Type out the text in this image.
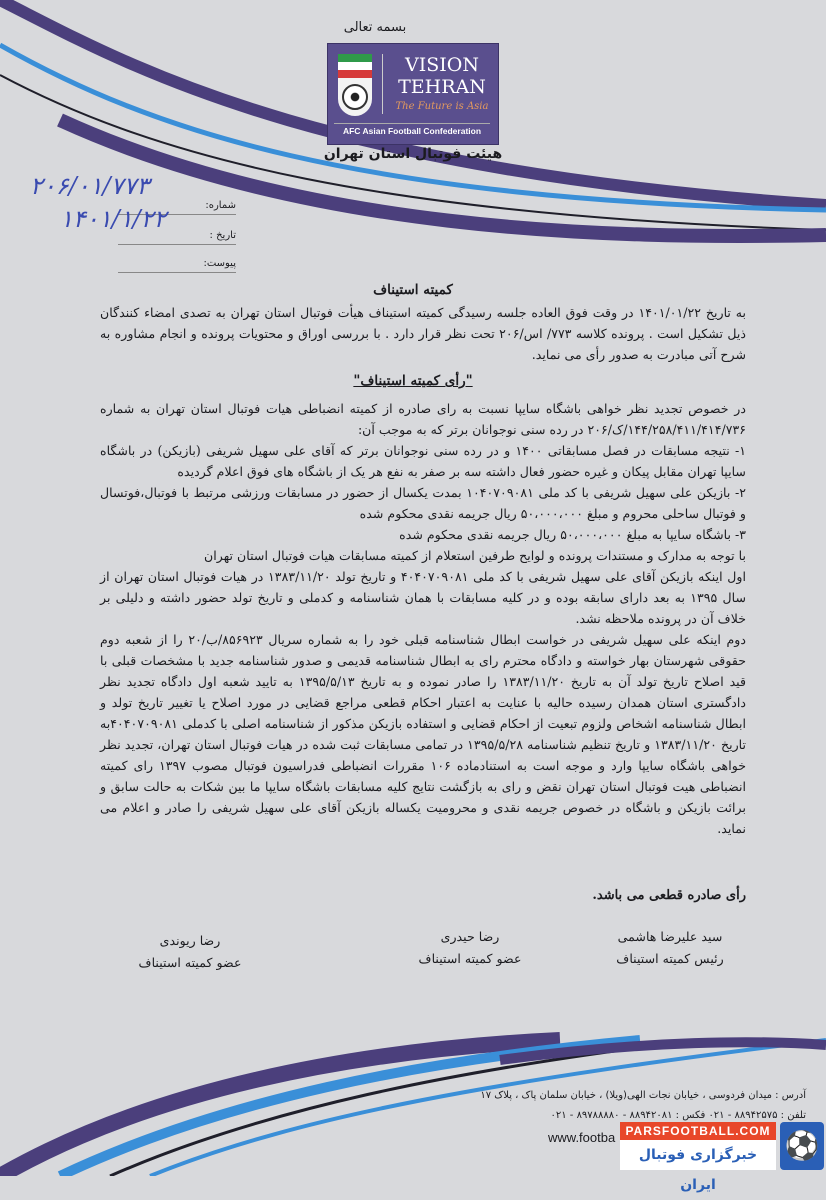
بسمه تعالی
VISION
TEHRAN
The Future is Asia
AFC Asian Football Confederation
هیئت فوتبال استان تهران
شماره:
۲۰۶/۰۱/۷۷۳
تاریخ :
۱۴۰۱/۱/۲۲
پیوست:
کمیته استیناف
به تاریخ ۱۴۰۱/۰۱/۲۲ در وقت فوق العاده جلسه رسیدگی کمیته استیناف هیأت فوتبال استان تهران به تصدی امضاء کنندگان ذیل تشکیل است . پرونده کلاسه ۷۷۳/ اس/۲۰۶ تحت نظر قرار دارد . با بررسی اوراق و محتویات پرونده و انجام مشاوره به شرح آتی مبادرت به صدور رأی می نماید.
"رأی کمیته استیناف"

در خصوص تجدید نظر خواهی باشگاه سایپا نسبت به رای صادره از کمیته انضباطی هیات فوتبال استان تهران به شماره ۱۴۴/۲۵۸/۴۱۱/۴۱۴/۷۳۶/ک/۲۰۶ در رده سنی نوجوانان برتر که به موجب آن:

۱- نتیجه مسابقات در فصل مسابقاتی ۱۴۰۰ و در رده سنی نوجوانان برتر که آقای علی سهیل شریفی (بازیکن) در باشگاه سایپا تهران مقابل پیکان و غیره حضور فعال داشته سه بر صفر به نفع هر یک از باشگاه های فوق اعلام گردیده

۲- بازیکن علی سهیل شریفی با کد ملی ۱۰۴۰۷۰۹۰۸۱ بمدت یکسال از حضور در مسابقات ورزشی مرتبط با فوتبال،فوتسال و فوتبال ساحلی محروم و مبلغ ۵۰،۰۰۰،۰۰۰ ریال جریمه نقدی محکوم شده

۳- باشگاه سایپا به مبلغ ۵۰،۰۰۰،۰۰۰ ریال جریمه نقدی محکوم شده

با توجه به مدارک و مستندات پرونده و لوایح طرفین استعلام از کمیته مسابقات هیات فوتبال استان تهران

اول اینکه بازیکن آقای علی سهیل شریفی با کد ملی ۴۰۴۰۷۰۹۰۸۱ و تاریخ تولد ۱۳۸۳/۱۱/۲۰ در هیات فوتبال استان تهران از سال ۱۳۹۵ به بعد دارای سابقه بوده و در کلیه مسابقات با همان شناسنامه و کدملی و تاریخ تولد حضور داشته و دلیلی بر خلاف آن در پرونده ملاحظه نشد.

دوم اینکه علی سهیل شریفی در خواست ابطال شناسنامه قبلی خود را به شماره سریال ۸۵۶۹۲۳/ب/۲۰ را از شعبه دوم حقوقی شهرستان بهار خواسته و دادگاه محترم رای به ابطال شناسنامه قدیمی و صدور شناسنامه جدید با مشخصات قبلی با قید اصلاح تاریخ تولد آن به تاریخ ۱۳۸۳/۱۱/۲۰ را صادر نموده و به تاریخ ۱۳۹۵/۵/۱۳ به تایید شعبه اول دادگاه تجدید نظر دادگستری استان همدان رسیده حالیه با عنایت به اعتبار احکام قطعی مراجع قضایی در مورد اصلاح یا تغییر تاریخ تولد و ابطال شناسنامه اشخاص ولزوم تبعیت از احکام قضایی و استفاده بازیکن مذکور از شناسنامه اصلی با کدملی ۴۰۴۰۷۰۹۰۸۱به تاریخ ۱۳۸۳/۱۱/۲۰ و تاریخ تنظیم شناسنامه ۱۳۹۵/۵/۲۸ در تمامی مسابقات ثبت شده در هیات فوتبال استان تهران، تجدید نظر خواهی باشگاه سایپا وارد و موجه است به استنادماده ۱۰۶ مقررات انضباطی فدراسیون فوتبال مصوب ۱۳۹۷ رای کمیته انضباطی هیت فوتبال استان تهران نقض و رای به بازگشت نتایج کلیه مسابقات باشگاه سایپا ما بین شکات به حالت سابق و برائت بازیکن و باشگاه در خصوص جریمه نقدی و محرومیت یکساله بازیکن آقای علی سهیل شریفی را صادر و اعلام می نماید.

رأی صادره قطعی می باشد.
سید علیرضا هاشمی
رئیس کمیته استیناف
رضا حیدری
عضو کمیته استیناف
رضا ریوندی
عضو کمیته استیناف
آدرس : میدان فردوسی ، خیابان نجات الهی(ویلا) ، خیابان سلمان پاک ، پلاک ۱۷
تلفن : ۸۸۹۴۲۵۷۵ - ۰۲۱ فکس : ۸۸۹۴۲۰۸۱ - ۸۹۷۸۸۸۸۰ - ۰۲۱
www.footba PARSFOOTBALL.COM
خبرگزاری فوتبال ایران
⚽
